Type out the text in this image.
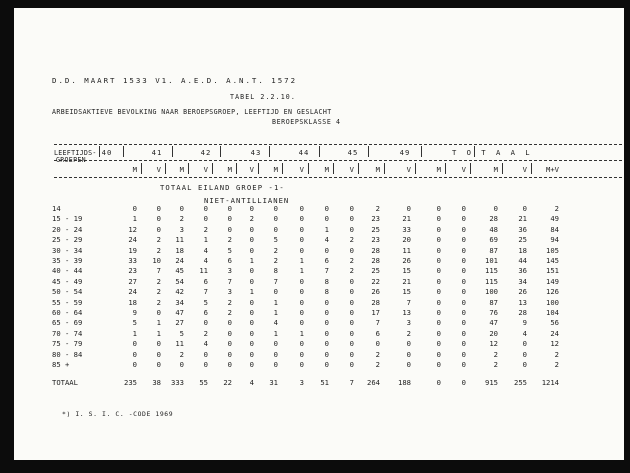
D.D. MAART 1533 V1. A.E.D. A.N.T. 1572
TABEL 2.2.10.
ARBEIDSAKTIEVE BEVOLKING NAAR BEROEPSGROEP, LEEFTIJD EN GESLACHT
BEROEPSKLASSE 4
LEEFTIJDS-
GROEPEN
40	41	42	43	44	45	49	T O T A A L
M	V	M	V	M	V	M	V	M	V	M	V	M	V	M	V	M+V
TOTAAL EILAND GROEP -1-
NIET-ANTILLIANEN
14	0	0	0	0	0	0	0	0	0	0	2	0	0	0	0	0	2
15 - 19	1	0	2	0	0	2	0	0	0	0	23	21	0	0	28	21	49
20 - 24	12	0	3	2	0	0	0	0	1	0	25	33	0	0	48	36	84
25 - 29	24	2	11	1	2	0	5	0	4	2	23	20	0	0	69	25	94
30 - 34	19	2	18	4	5	0	2	0	0	0	28	11	0	0	87	18	105
35 - 39	33	10	24	4	6	1	2	1	6	2	28	26	0	0	101	44	145
40 - 44	23	7	45	11	3	0	8	1	7	2	25	15	0	0	115	36	151
45 - 49	27	2	54	6	7	0	7	0	8	0	22	21	0	0	115	34	149
50 - 54	24	2	42	7	3	1	0	0	8	0	26	15	0	0	100	26	126
55 - 59	18	2	34	5	2	0	1	0	0	0	28	7	0	0	87	13	100
60 - 64	9	0	47	6	2	0	1	0	0	0	17	13	0	0	76	28	104
65 - 69	5	1	27	0	0	0	4	0	0	0	7	3	0	0	47	9	56
70 - 74	1	1	5	2	0	0	1	1	0	0	6	2	0	0	20	4	24
75 - 79	0	0	11	4	0	0	0	0	0	0	0	0	0	0	12	0	12
80 - 84	0	0	2	0	0	0	0	0	0	0	2	0	0	0	2	0	2
85 +	0	0	0	0	0	0	0	0	0	0	2	0	0	0	2	0	2
TOTAAL	235	38	333	55	22	4	31	3	51	7	264	188	0	0	915	255	1214
*) I. S. I. C. -CODE 1969
